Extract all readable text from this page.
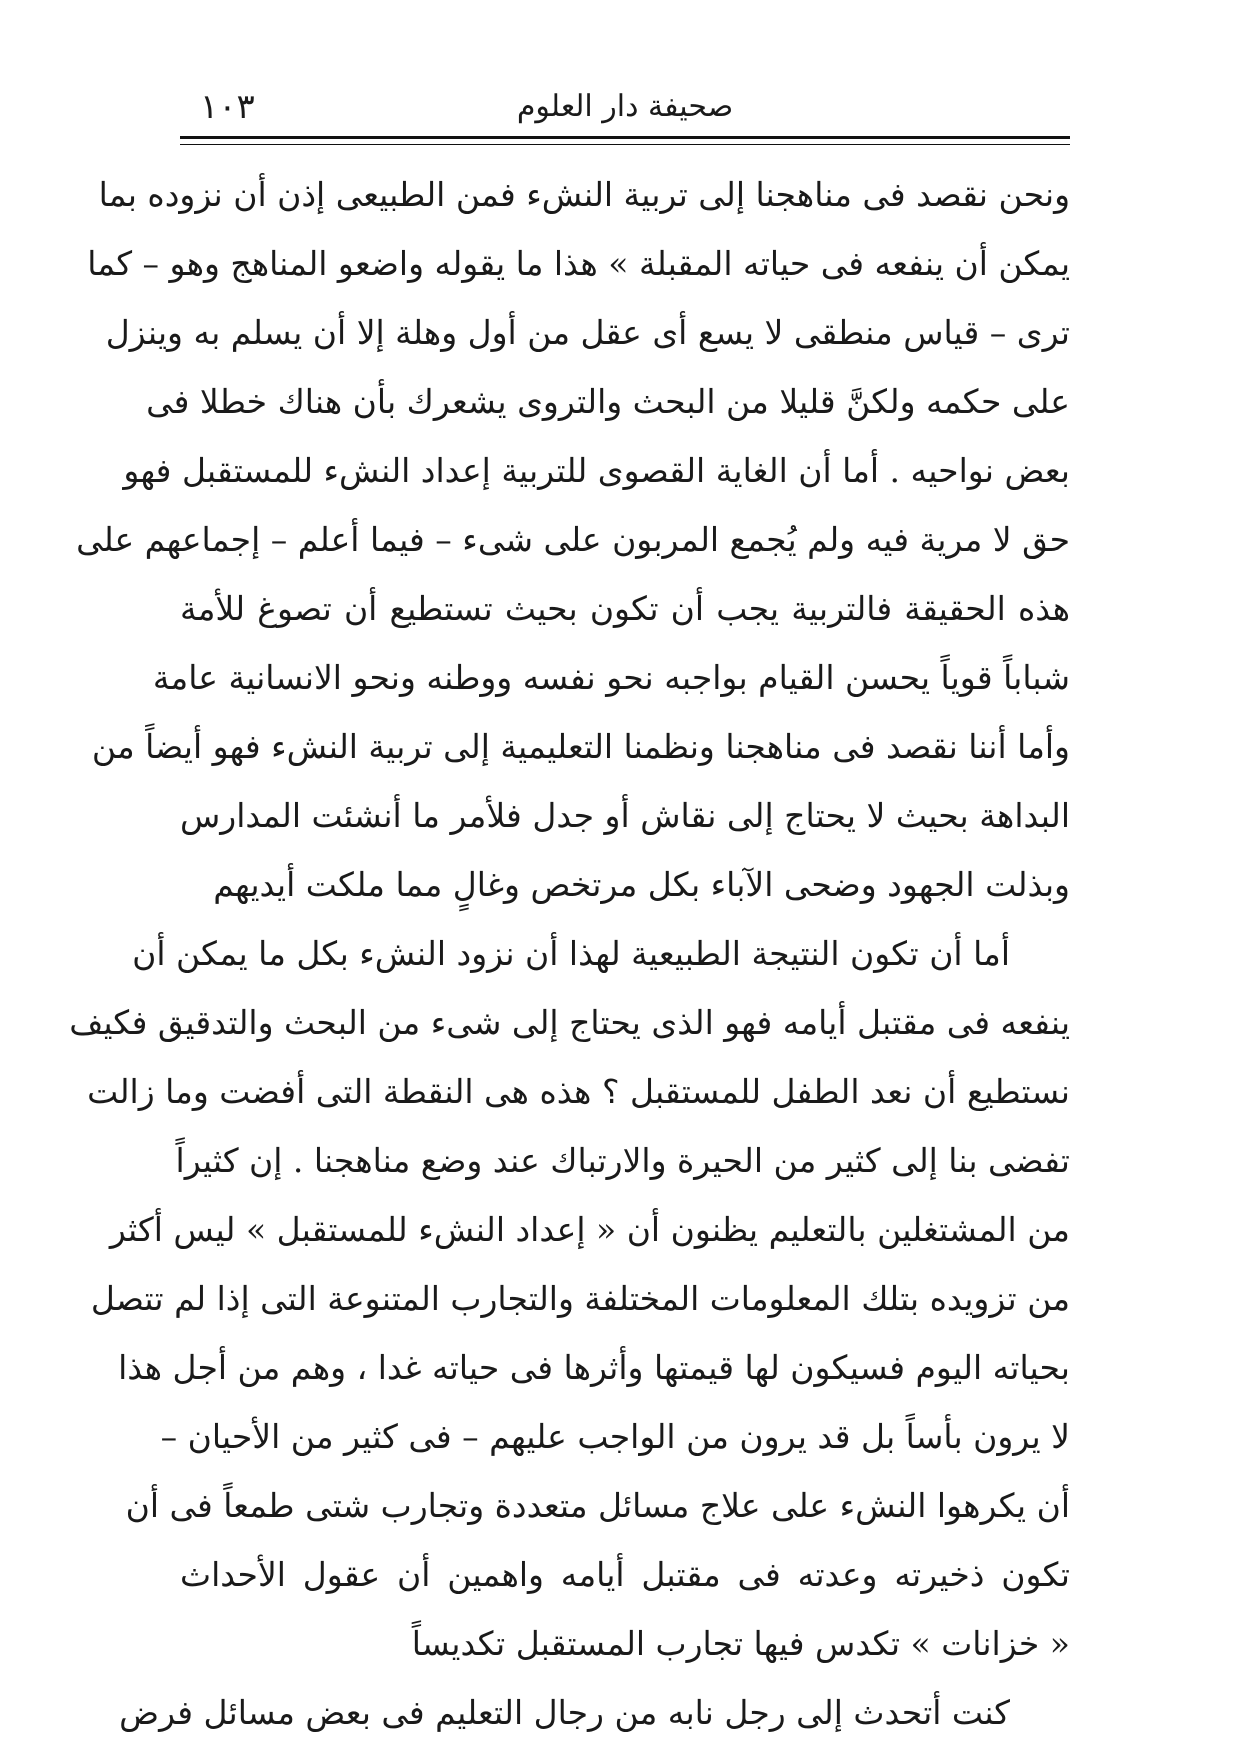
صحيفة دار العلوم
١٠٣
ونحن نقصد فى مناهجنا إلى تربية النشء فمن الطبيعى إذن أن نزوده بما
يمكن أن ينفعه فى حياته المقبلة » هذا ما يقوله واضعو المناهج وهو – كما
ترى – قياس منطقى لا يسع أى عقل من أول وهلة إلا أن يسلم به وينزل
على حكمه ولكنَّ قليلا من البحث والتروى يشعرك بأن هناك خطلا فى
بعض نواحيه . أما أن الغاية القصوى للتربية إعداد النشء للمستقبل فهو
حق لا مرية فيه ولم يُجمع المربون على شىء – فيما أعلم – إجماعهم على
هذه الحقيقة فالتربية يجب أن تكون بحيث تستطيع أن تصوغ للأمة
شباباً قوياً يحسن القيام بواجبه نحو نفسه ووطنه ونحو الانسانية عامة
وأما أننا نقصد فى مناهجنا ونظمنا التعليمية إلى تربية النشء فهو أيضاً من
البداهة بحيث لا يحتاج إلى نقاش أو جدل فلأمر ما أنشئت المدارس
وبذلت الجهود وضحى الآباء بكل مرتخص وغالٍ مما ملكت أيديهم
أما أن تكون النتيجة الطبيعية لهذا أن نزود النشء بكل ما يمكن أن
ينفعه فى مقتبل أيامه فهو الذى يحتاج إلى شىء من البحث والتدقيق فكيف
نستطيع أن نعد الطفل للمستقبل ؟ هذه هى النقطة التى أفضت وما زالت
تفضى بنا إلى كثير من الحيرة والارتباك عند وضع مناهجنا . إن كثيراً
من المشتغلين بالتعليم يظنون أن « إعداد النشء للمستقبل » ليس أكثر
من تزويده بتلك المعلومات المختلفة والتجارب المتنوعة التى إذا لم تتصل
بحياته اليوم فسيكون لها قيمتها وأثرها فى حياته غدا ، وهم من أجل هذا
لا يرون بأساً بل قد يرون من الواجب عليهم – فى كثير من الأحيان –
أن يكرهوا النشء على علاج مسائل متعددة وتجارب شتى طمعاً فى أن
تكون ذخيرته وعدته فى مقتبل أيامه واهمين أن عقول الأحداث
« خزانات » تكدس فيها تجارب المستقبل تكديساً
كنت أتحدث إلى رجل نابه من رجال التعليم فى بعض مسائل فرض
